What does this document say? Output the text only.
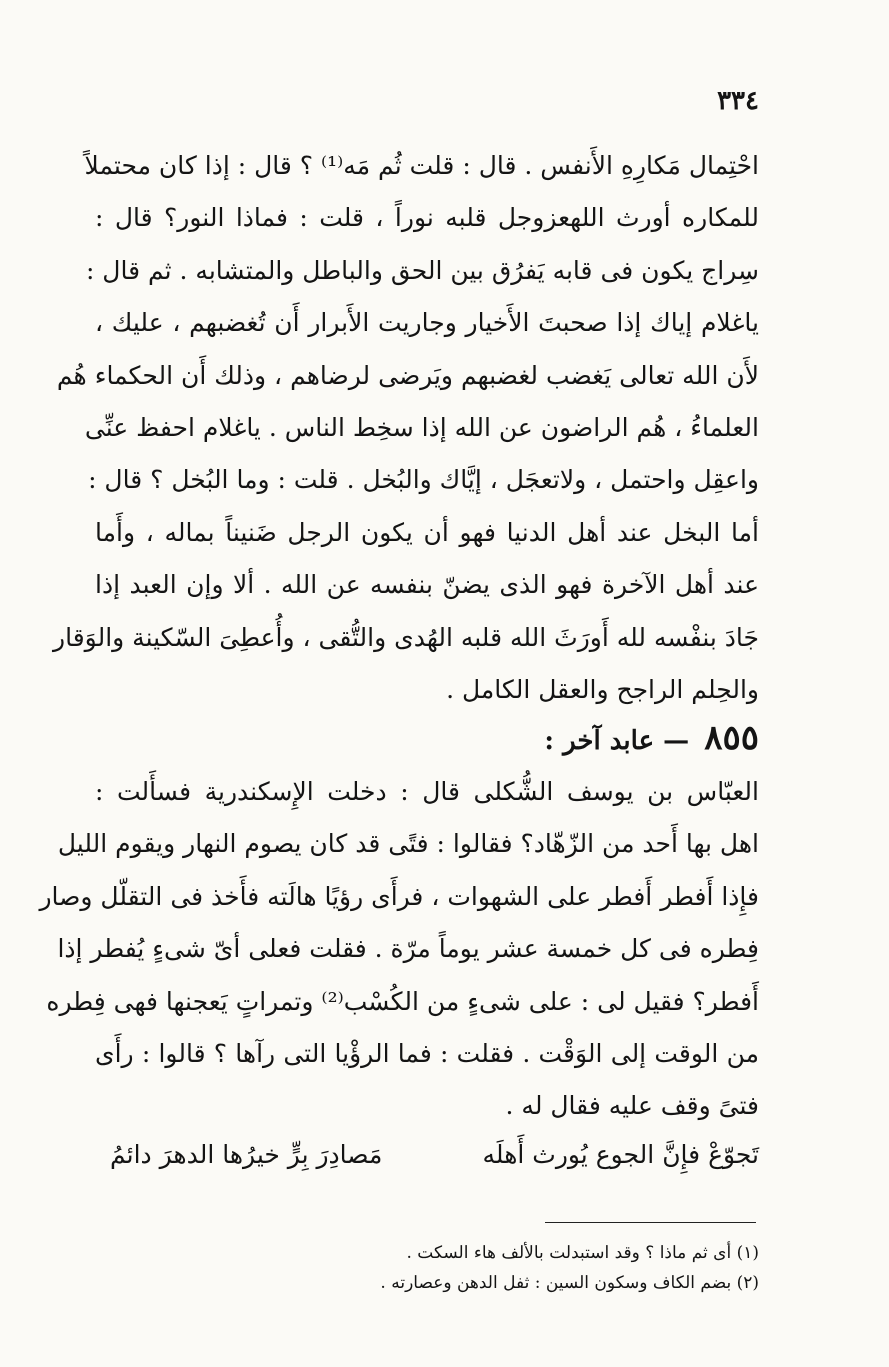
٣٣٤
احْتِمال مَكارِهِ الأَنفس . قال : قلت ثُم مَه⁽¹⁾ ؟ قال : إذا كان محتملاً
للمكاره أورث اللهعزوجل قلبه نوراً ، قلت : فماذا النور؟ قال :
سِراج يكون فى قابه يَفرُق بين الحق والباطل والمتشابه . ثم قال :
ياغلام إياك إذا صحبتَ الأَخيار وجاريت الأَبرار أَن تُغضبهم ، عليك ،
لأَن الله تعالى يَغضب لغضبهم ويَرضى لرضاهم ، وذلك أَن الحكماء هُم
العلماءُ ، هُم الراضون عن الله إذا سخِط الناس . ياغلام احفظ عنِّى
واعقِل واحتمل ، ولاتعجَل ، إيَّاك والبُخل . قلت : وما البُخل ؟ قال :
أما البخل عند أهل الدنيا فهو أن يكون الرجل ضَنيناً بماله ، وأَما
عند أهل الآخرة فهو الذى يضنّ بنفسه عن الله . ألا وإن العبد إذا
جَادَ بنفْسه لله أَورَثَ الله قلبه الهُدى والتُّقى ، وأُعطِىَ السّكينة والوَقار
والحِلم الراجح والعقل الكامل .
٨٥٥ — عابد آخر :
العبّاس بن يوسف الشُّكلى قال : دخلت الإِسكندرية فسأَلت :
اهل بها أَحد من الزّهّاد؟ فقالوا : فتًى قد كان يصوم النهار ويقوم الليل
فإِذا أَفطر أَفطر على الشهوات ، فرأَى رؤيًا هالَته فأَخذ فى التقلّل وصار
فِطره فى كل خمسة عشر يوماً مرّة . فقلت فعلى أىّ شىءٍ يُفطر إذا
أَفطر؟ فقيل لى : على شىءٍ من الكُسْب⁽²⁾ وتمراتٍ يَعجنها فهى فِطره
من الوقت إلى الوَقْت . فقلت : فما الرؤْيا التى رآها ؟ قالوا : رأَى
فتىً وقف عليه فقال له .
تَجوّعْ فإِنَّ الجوع يُورث أَهلَه
مَصادِرَ بِرٍّ خيرُها الدهرَ دائمُ
(١) أى ثم ماذا ؟ وقد استبدلت بالألف هاء السكت .
(٢) بضم الكاف وسكون السين : ثفل الدهن وعصارته .
